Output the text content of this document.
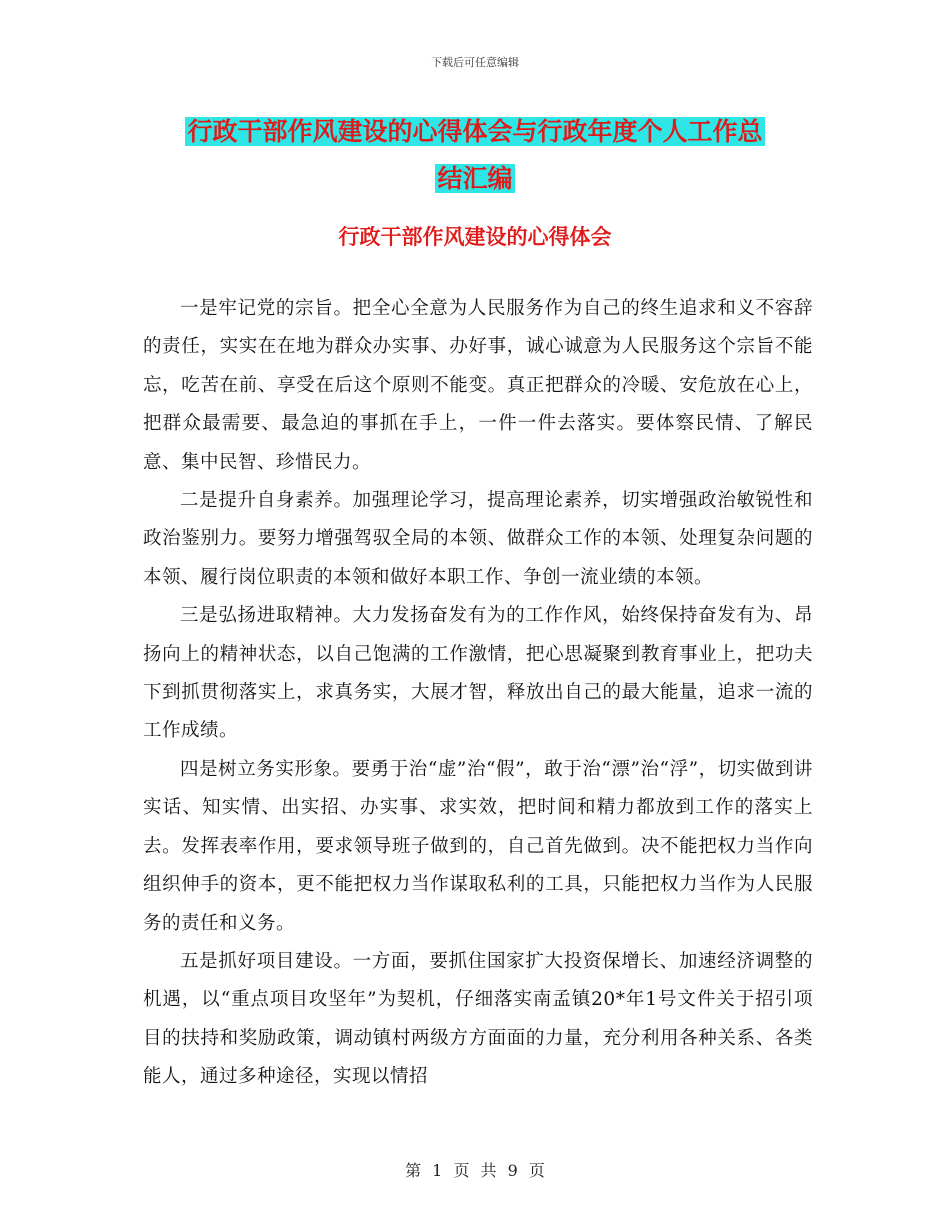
下载后可任意编辑
行政干部作风建设的心得体会与行政年度个人工作总
结汇编
行政干部作风建设的心得体会

一是牢记党的宗旨。把全心全意为人民服务作为自己的终生追求和义不容辞的责任，实实在在地为群众办实事、办好事，诚心诚意为人民服务这个宗旨不能忘，吃苦在前、享受在后这个原则不能变。真正把群众的冷暖、安危放在心上，把群众最需要、最急迫的事抓在手上，一件一件去落实。要体察民情、了解民意、集中民智、珍惜民力。

二是提升自身素养。加强理论学习，提高理论素养，切实增强政治敏锐性和政治鉴别力。要努力增强驾驭全局的本领、做群众工作的本领、处理复杂问题的本领、履行岗位职责的本领和做好本职工作、争创一流业绩的本领。

三是弘扬进取精神。大力发扬奋发有为的工作作风，始终保持奋发有为、昂扬向上的精神状态，以自己饱满的工作激情，把心思凝聚到教育事业上，把功夫下到抓贯彻落实上，求真务实，大展才智，释放出自己的最大能量，追求一流的工作成绩。

四是树立务实形象。要勇于治“虚”治“假”，敢于治“漂”治“浮”，切实做到讲实话、知实情、出实招、办实事、求实效，把时间和精力都放到工作的落实上去。发挥表率作用，要求领导班子做到的，自己首先做到。决不能把权力当作向组织伸手的资本，更不能把权力当作谋取私利的工具，只能把权力当作为人民服务的责任和义务。

五是抓好项目建设。一方面，要抓住国家扩大投资保增长、加速经济调整的机遇，以“重点项目攻坚年”为契机，仔细落实南孟镇20*年1号文件关于招引项目的扶持和奖励政策，调动镇村两级方方面面的力量，充分利用各种关系、各类能人，通过多种途径，实现以情招

第 1 页 共 9 页
